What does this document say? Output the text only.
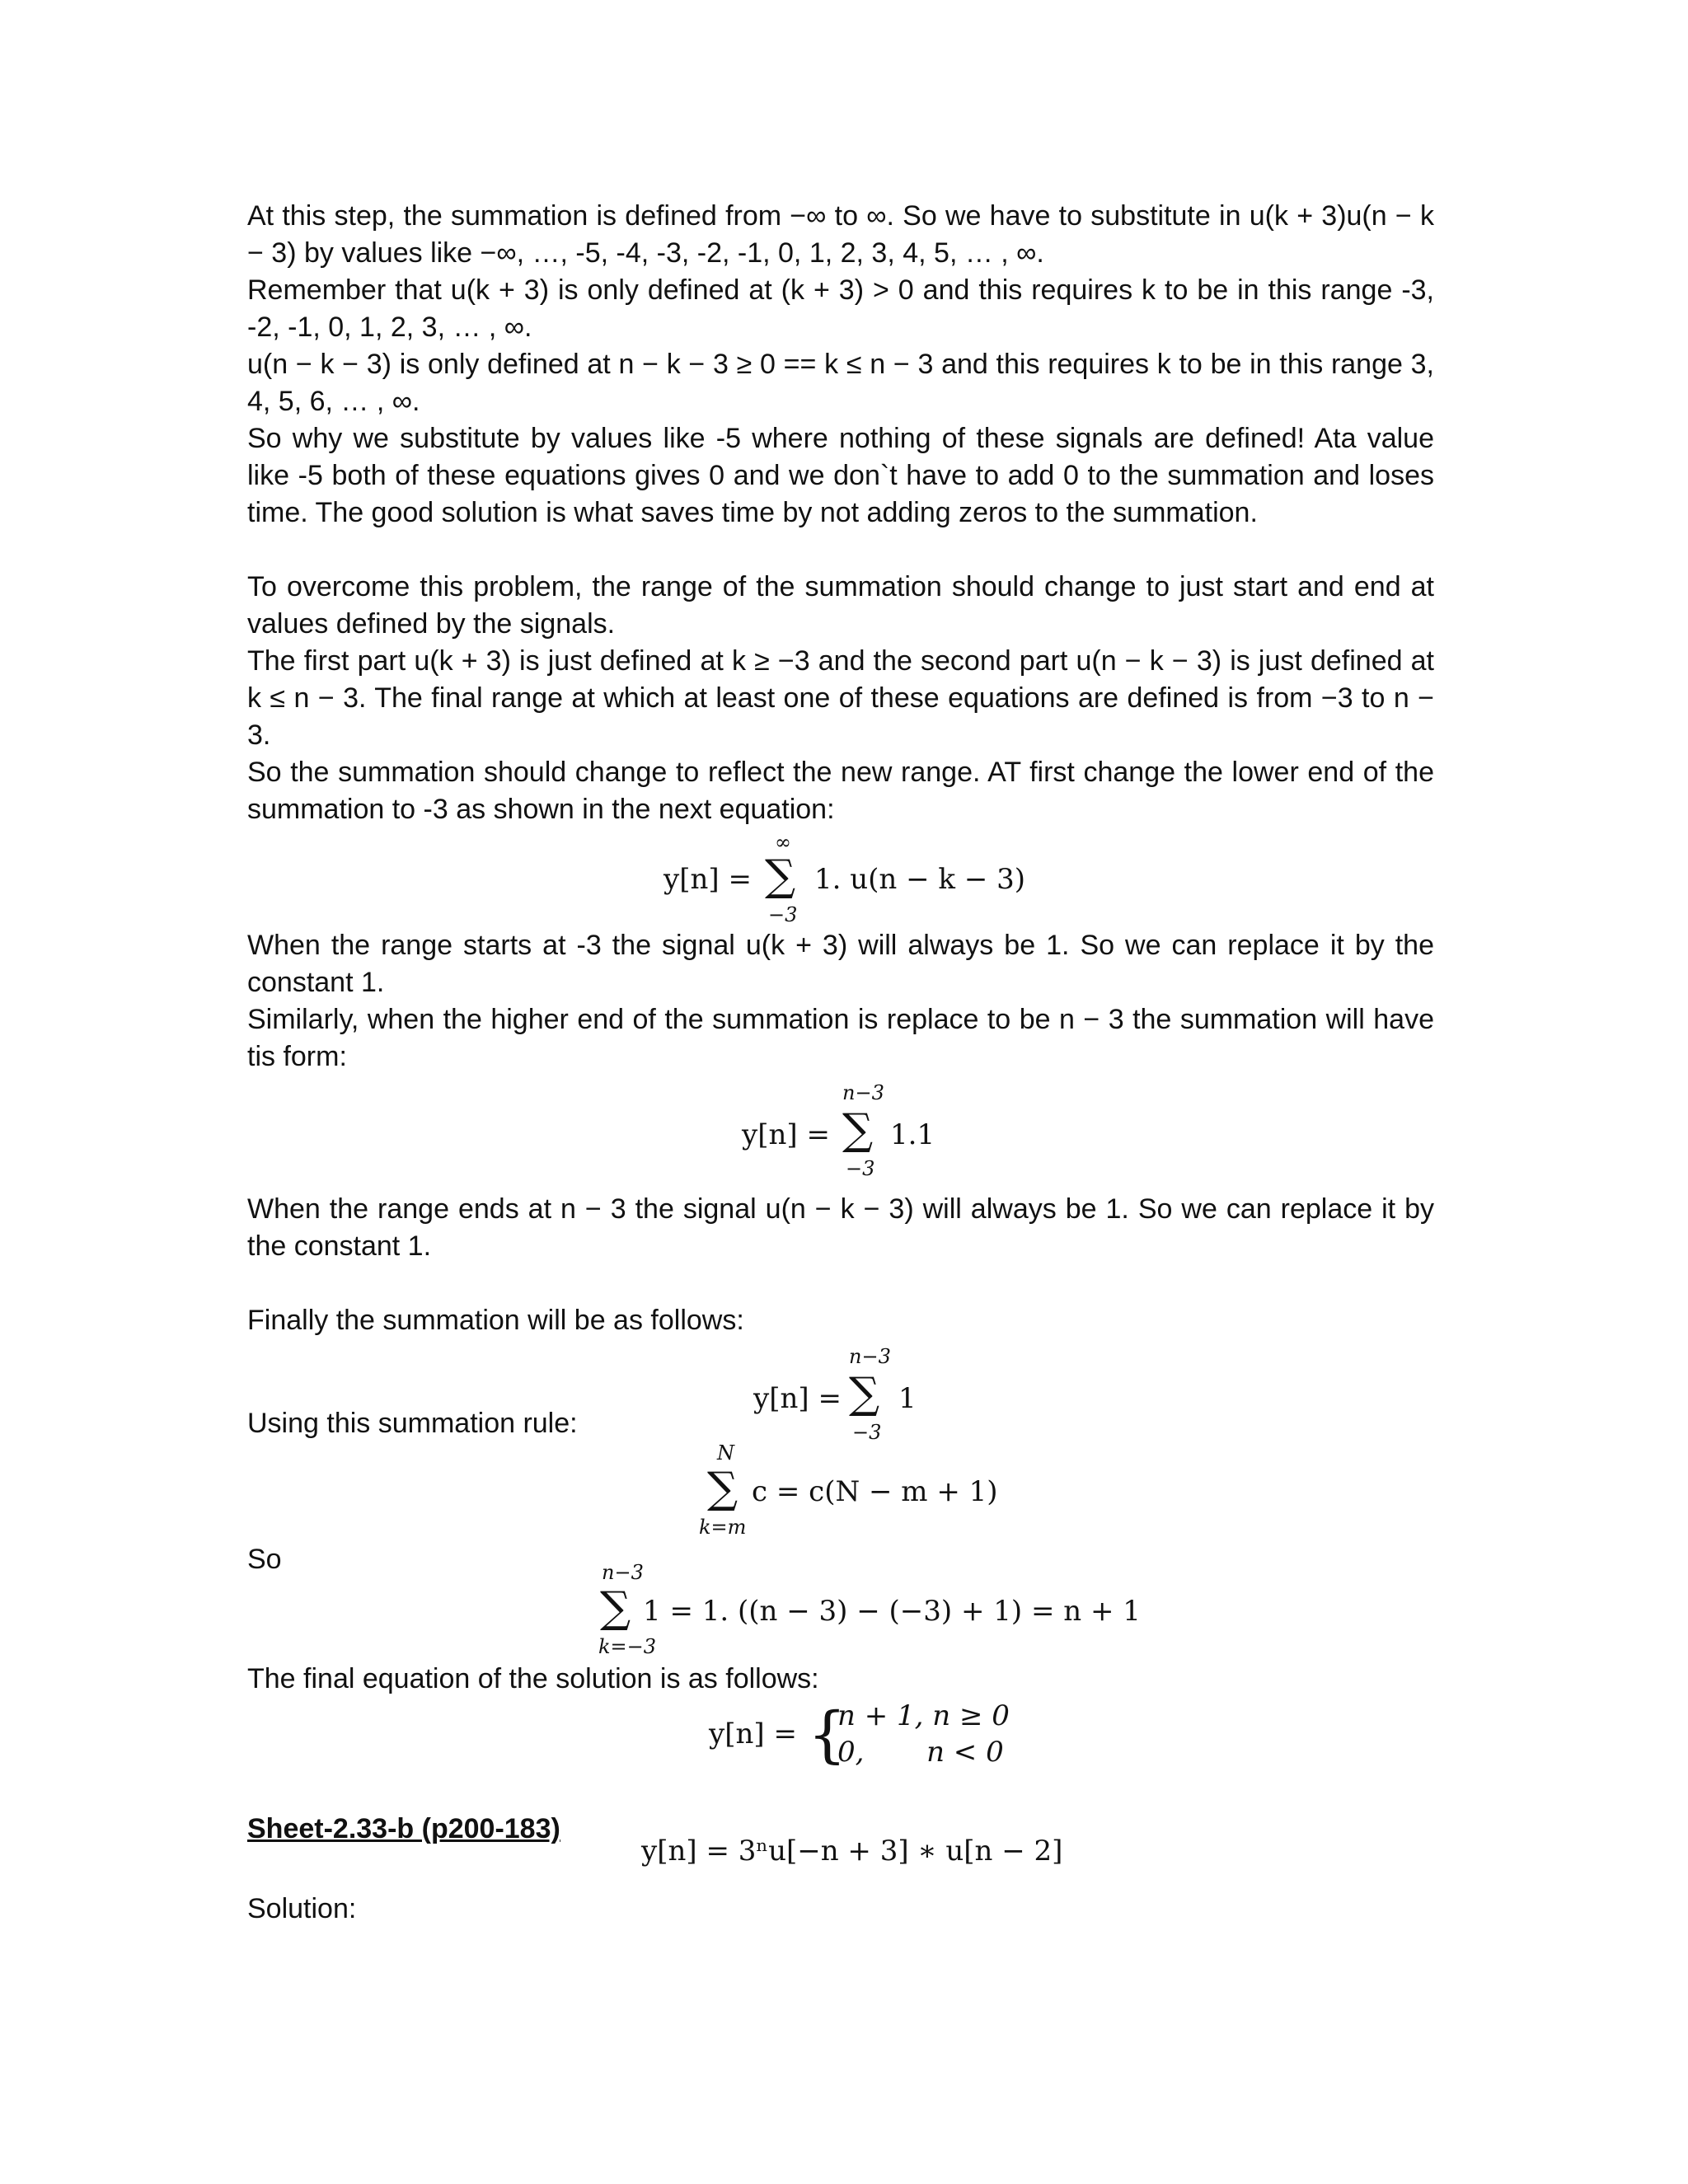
At this step, the summation is defined from −∞ to ∞. So we have to substitute in u(k + 3)u(n − k − 3) by values like −∞, …, -5, -4, -3, -2, -1, 0, 1, 2, 3, 4, 5, … , ∞.

Remember that u(k + 3) is only defined at (k + 3) > 0 and this requires k to be in this range -3, -2, -1, 0, 1, 2, 3, … , ∞.

u(n − k − 3) is only defined at n − k − 3 ≥ 0 == k ≤ n − 3 and this requires k to be in this range 3, 4, 5, 6, … , ∞.

So why we substitute by values like -5 where nothing of these signals are defined! Ata value like -5 both of these equations gives 0 and we don`t have to add 0 to the summation and loses time. The good solution is what saves time by not adding zeros to the summation.

To overcome this problem, the range of the summation should change to just start and end at values defined by the signals.

The first part u(k + 3) is just defined at k ≥ −3 and the second part u(n − k − 3) is just defined at k ≤ n − 3. The final range at which at least one of these equations are defined is from −3 to n − 3.

So the summation should change to reflect the new range. AT first change the lower end of the summation to -3 as shown in the next equation:

y[n] =
∞
∑
−3
1. u(n − k − 3)

When the range starts at -3 the signal u(k + 3) will always be 1. So we can replace it by the constant 1.

Similarly, when the higher end of the summation is replace to be n − 3 the summation will have tis form:

y[n] =
n−3
∑
−3
1.1

When the range ends at n − 3 the signal u(n − k − 3) will always be 1. So we can replace it by the constant 1.

Finally the summation will be as follows:

y[n] =
n−3
∑
−3
1

Using this summation rule:

N
∑
k=m
c = c(N − m + 1)

So	n−3
∑
k=−3
1 = 1. ((n − 3) − (−3) + 1) = n + 1

The final equation of the solution is as follows:

y[n] = {
n + 1, n ≥ 0
0,       n < 0
Sheet-2.33-b (p200-183)
y[n] = 3ⁿu[−n + 3] ∗ u[n − 2]

Solution:
